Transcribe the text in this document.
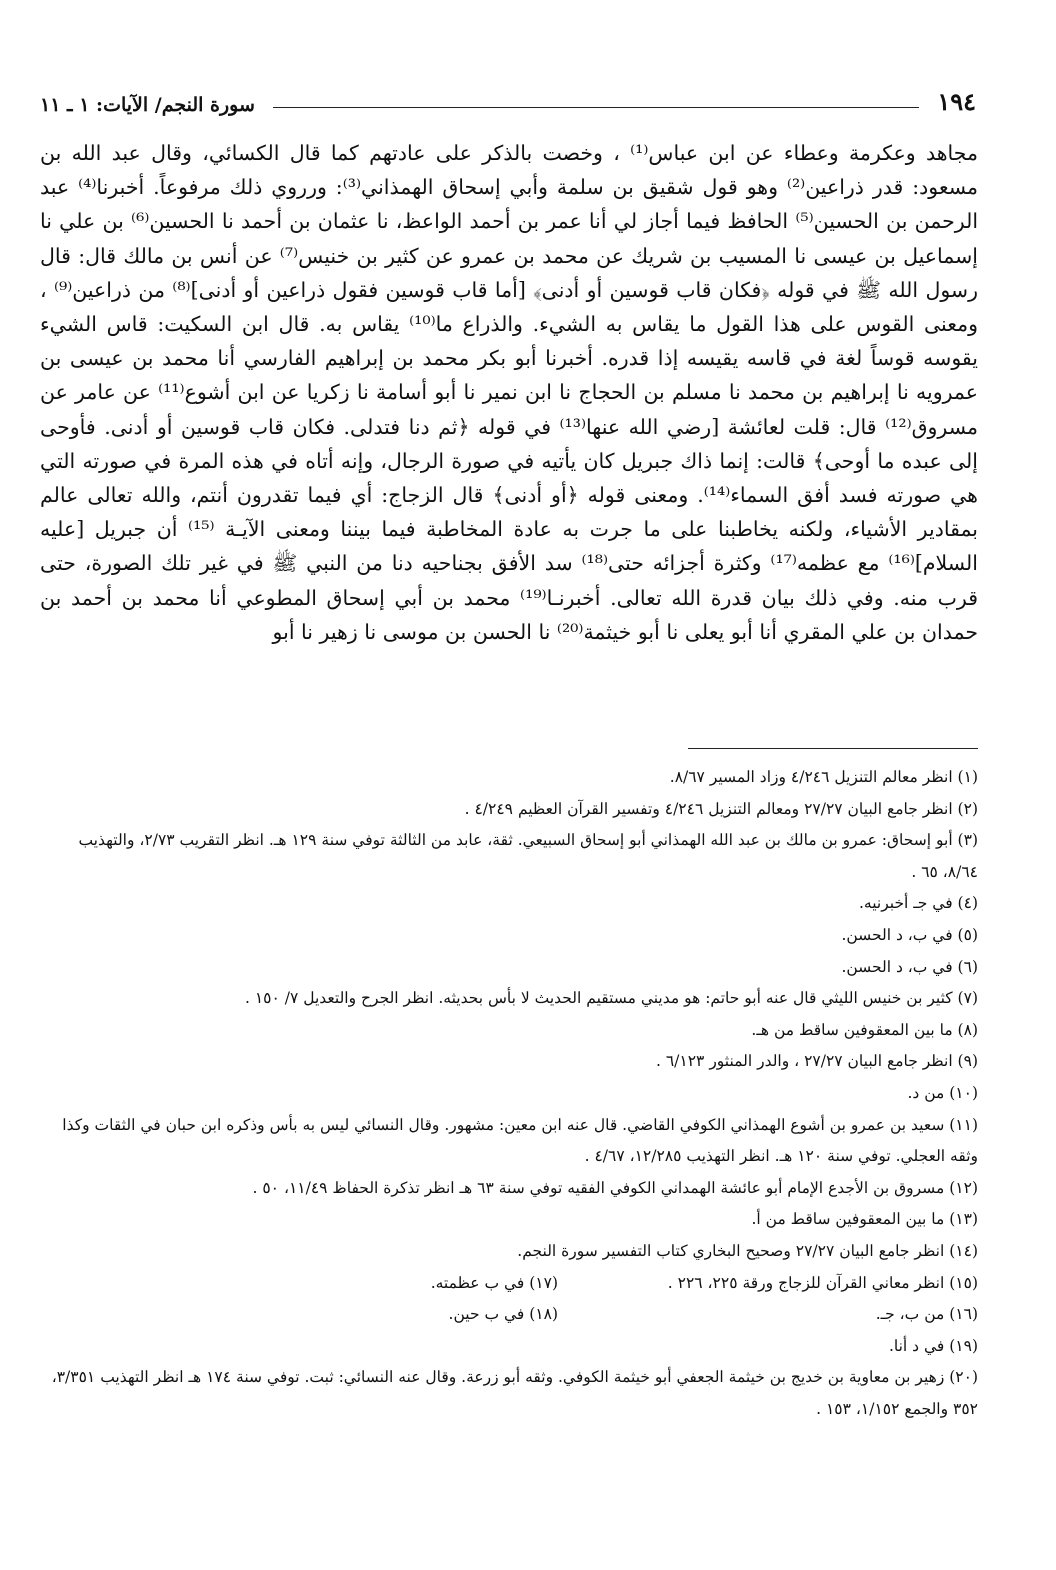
١٩٤
سورة النجم/ الآيات: ١ ـ ١١

مجاهد وعكرمة وعطاء عن ابن عباس⁽¹⁾ ، وخصت بالذكر على عادتهم كما قال الكسائي، وقال عبد الله بن مسعود: قدر ذراعين⁽²⁾ وهو قول شقيق بن سلمة وأبي إسحاق الهمذاني⁽³⁾: ورروي ذلك مرفوعاً. أخبرنا⁽⁴⁾ عبد الرحمن بن الحسين⁽⁵⁾ الحافظ فيما أجاز لي أنا عمر بن أحمد الواعظ، نا عثمان بن أحمد نا الحسين⁽⁶⁾ بن علي نا إسماعيل بن عيسى نا المسيب بن شريك عن محمد بن عمرو عن كثير بن خنيس⁽⁷⁾ عن أنس بن مالك قال: قال رسول الله ﷺ في قوله ﴿فكان قاب قوسين أو أدنى﴾ [أما قاب قوسين فقول ذراعين أو أدنى]⁽⁸⁾ من ذراعين⁽⁹⁾ ، ومعنى القوس على هذا القول ما يقاس به الشيء. والذراع ما⁽¹⁰⁾ يقاس به. قال ابن السكيت: قاس الشيء يقوسه قوساً لغة في قاسه يقيسه إذا قدره. أخبرنا أبو بكر محمد بن إبراهيم الفارسي أنا محمد بن عيسى بن عمرويه نا إبراهيم بن محمد نا مسلم بن الحجاج نا ابن نمير نا أبو أسامة نا زكريا عن ابن أشوع⁽¹¹⁾ عن عامر عن مسروق⁽¹²⁾ قال: قلت لعائشة [رضي الله عنها⁽¹³⁾ في قوله ﴿ثم دنا فتدلى. فكان قاب قوسين أو أدنى. فأوحى إلى عبده ما أوحى﴾ قالت: إنما ذاك جبريل كان يأتيه في صورة الرجال، وإنه أتاه في هذه المرة في صورته التي هي صورته فسد أفق السماء⁽¹⁴⁾. ومعنى قوله ﴿أو أدنى﴾ قال الزجاج: أي فيما تقدرون أنتم، والله تعالى عالم بمقادير الأشياء، ولكنه يخاطبنا على ما جرت به عادة المخاطبة فيما بيننا ومعنى الآيـة ⁽¹⁵⁾ أن جبريل [عليه السلام]⁽¹⁶⁾ مع عظمه⁽¹⁷⁾ وكثرة أجزائه حتى⁽¹⁸⁾ سد الأفق بجناحيه دنا من النبي ﷺ في غير تلك الصورة، حتى قرب منه. وفي ذلك بيان قدرة الله تعالى. أخبرنـا⁽¹⁹⁾ محمد بن أبي إسحاق المطوعي أنا محمد بن أحمد بن حمدان بن علي المقري أنا أبو يعلى نا أبو خيثمة⁽²⁰⁾ نا الحسن بن موسى نا زهير نا أبو

(١) انظر معالم التنزيل ٤/٢٤٦ وزاد المسير ٨/٦٧.
(٢) انظر جامع البيان ٢٧/٢٧ ومعالم التنزيل ٤/٢٤٦ وتفسير القرآن العظيم ٤/٢٤٩ .
(٣) أبو إسحاق: عمرو بن مالك بن عبد الله الهمذاني أبو إسحاق السبيعي. ثقة، عابد من الثالثة توفي سنة ١٢٩ هـ. انظر التقريب ٢/٧٣، والتهذيب ٨/٦٤، ٦٥ .
(٤) في جـ أخبرنيه.
(٥) في ب، د الحسن.
(٦) في ب، د الحسن.
(٧) كثير بن خنيس الليثي قال عنه أبو حاتم: هو مديني مستقيم الحديث لا بأس بحديثه. انظر الجرح والتعديل ٧/ ١٥٠ .
(٨) ما بين المعقوفين ساقط من هـ.
(٩) انظر جامع البيان ٢٧/٢٧ ، والدر المنثور ٦/١٢٣ .
(١٠) من د.
(١١) سعيد بن عمرو بن أشوع الهمذاني الكوفي القاضي. قال عنه ابن معين: مشهور. وقال النسائي ليس به بأس وذكره ابن حبان في الثقات وكذا وثقه العجلي. توفي سنة ١٢٠ هـ. انظر التهذيب ١٢/٢٨٥، ٤/٦٧ .
(١٢) مسروق بن الأجدع الإمام أبو عائشة الهمداني الكوفي الفقيه توفي سنة ٦٣ هـ انظر تذكرة الحفاظ ١١/٤٩، ٥٠ .
(١٣) ما بين المعقوفين ساقط من أ.
(١٤) انظر جامع البيان ٢٧/٢٧ وصحيح البخاري كتاب التفسير سورة النجم.
(١٥) انظر معاني القرآن للزجاج ورقة ٢٢٥، ٢٢٦ .
(١٧) في ب عظمته.
(١٦) من ب، جـ.
(١٨) في ب حين.
(١٩) في د أنا.
(٢٠) زهير بن معاوية بن خديج بن خيثمة الجعفي أبو خيثمة الكوفي. وثقه أبو زرعة. وقال عنه النسائي: ثبت. توفي سنة ١٧٤ هـ انظر التهذيب ٣/٣٥١، ٣٥٢ والجمع ١/١٥٢، ١٥٣ .
